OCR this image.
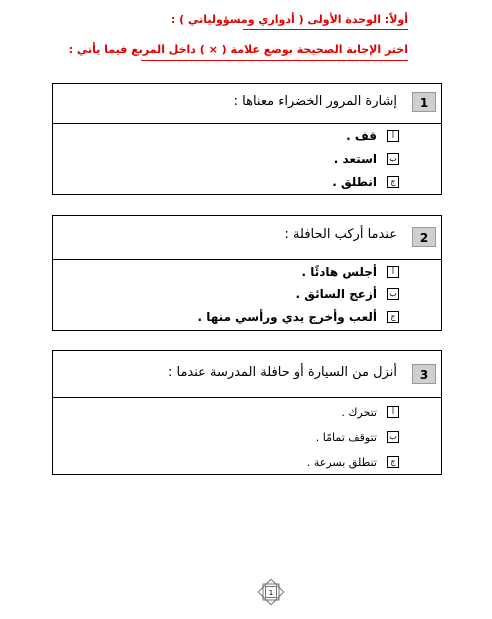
أولاً: الوحدة الأولى ( أدواري ومسؤولياتي ) :
اختر الإجابة الصحيحة بوضع علامة ( × ) داخل المربع فيما يأتي :
1
إشارة المرور الخضراء معناها :
أ
قف .
ب
استعد .
ج
انطلق .
2
عندما أركب الحافلة :
أ
أجلس هادئًا .
ب
أزعج السائق .
ج
ألعب وأخرج يدي ورأسي منها .
3
أنزل من السيارة أو حافلة المدرسة عندما :
أ
تتحرك .
ب
تتوقف تمامًا .
ج
تنطلق بسرعة .
1
